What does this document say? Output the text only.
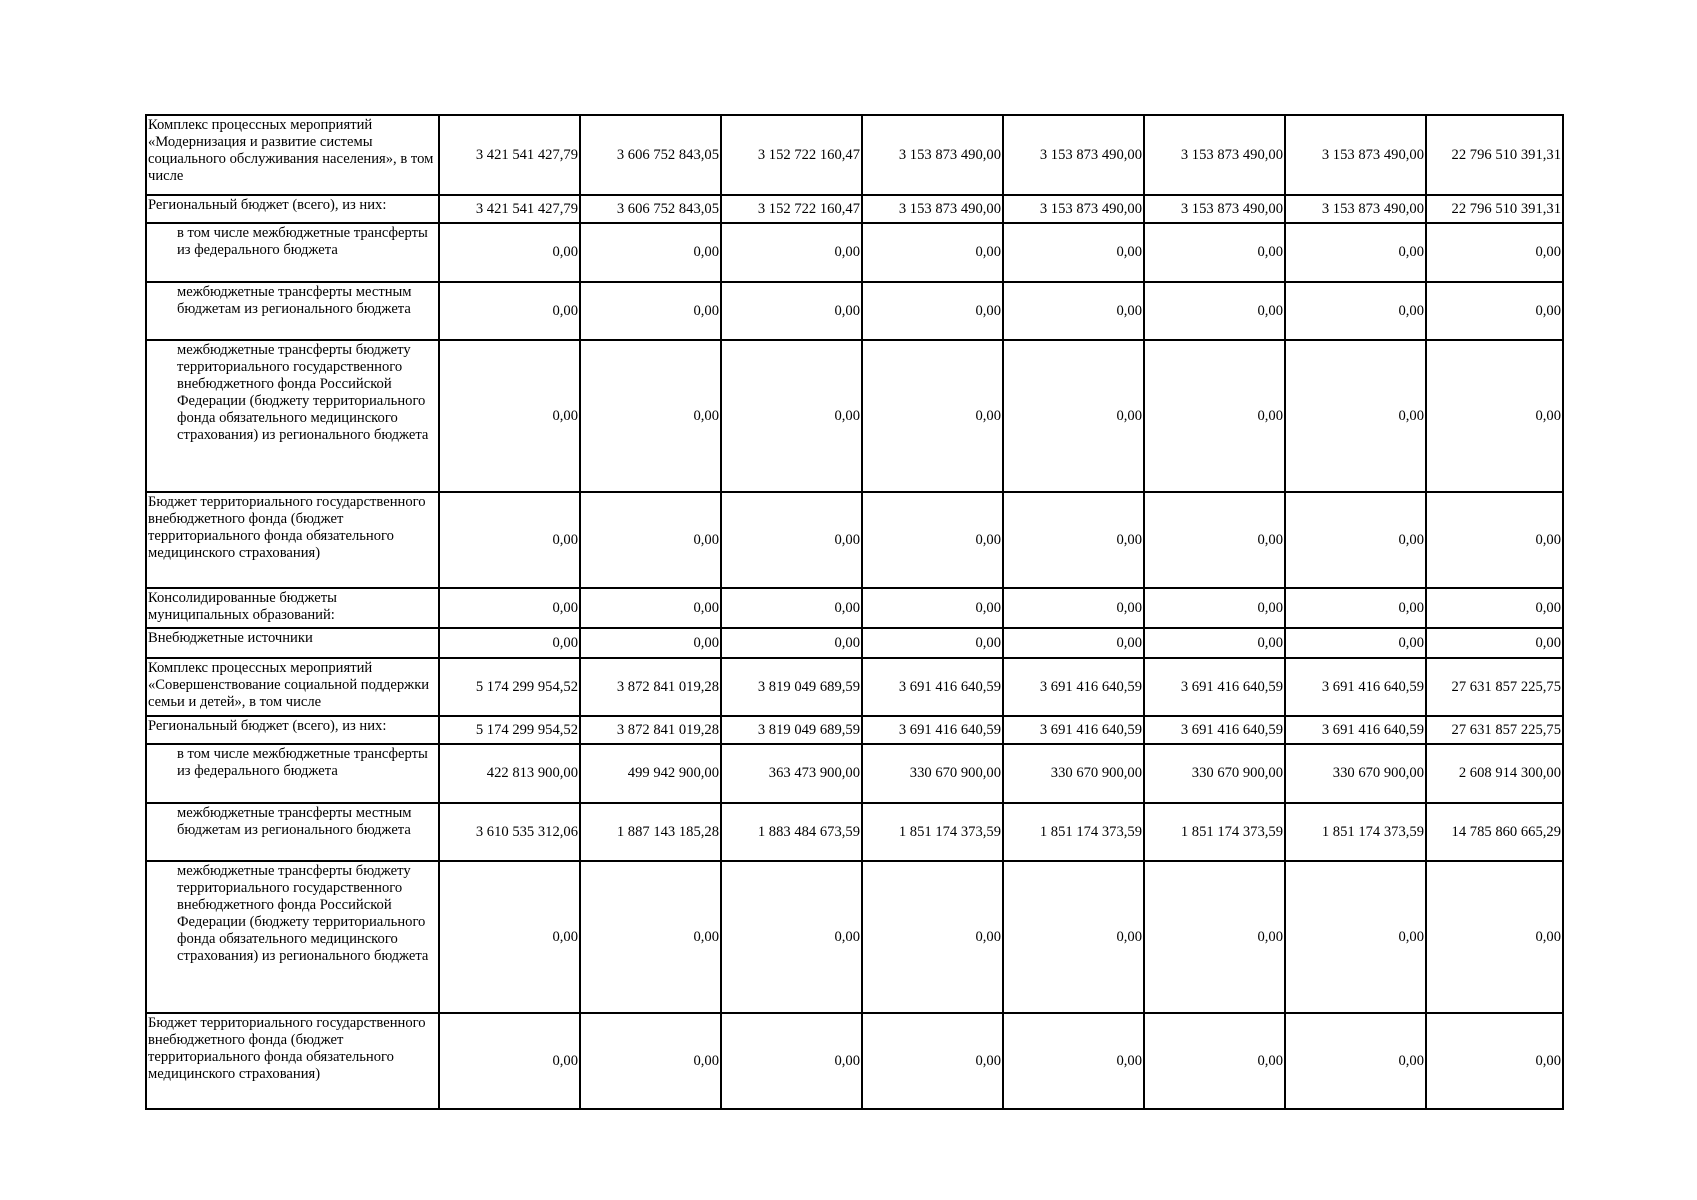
Комплекс процессных мероприятий «Модернизация и развитие системы социального обслуживания населения», в том числе	3 421 541 427,79	3 606 752 843,05	3 152 722 160,47	3 153 873 490,00	3 153 873 490,00	3 153 873 490,00	3 153 873 490,00	22 796 510 391,31
Региональный бюджет (всего), из них:	3 421 541 427,79	3 606 752 843,05	3 152 722 160,47	3 153 873 490,00	3 153 873 490,00	3 153 873 490,00	3 153 873 490,00	22 796 510 391,31
в том числе межбюджетные трансферты из федерального бюджета	0,00	0,00	0,00	0,00	0,00	0,00	0,00	0,00
межбюджетные трансферты местным бюджетам из регионального бюджета	0,00	0,00	0,00	0,00	0,00	0,00	0,00	0,00
межбюджетные трансферты бюджету территориального государственного внебюджетного фонда Российской Федерации (бюджету территориального фонда обязательного медицинского страхования) из регионального бюджета	0,00	0,00	0,00	0,00	0,00	0,00	0,00	0,00
Бюджет территориального государственного внебюджетного фонда (бюджет территориального фонда обязательного медицинского страхования)	0,00	0,00	0,00	0,00	0,00	0,00	0,00	0,00
Консолидированные бюджеты муниципальных образований:	0,00	0,00	0,00	0,00	0,00	0,00	0,00	0,00
Внебюджетные источники	0,00	0,00	0,00	0,00	0,00	0,00	0,00	0,00
Комплекс процессных мероприятий «Совершенствование социальной поддержки семьи и детей», в том числе	5 174 299 954,52	3 872 841 019,28	3 819 049 689,59	3 691 416 640,59	3 691 416 640,59	3 691 416 640,59	3 691 416 640,59	27 631 857 225,75
Региональный бюджет (всего), из них:	5 174 299 954,52	3 872 841 019,28	3 819 049 689,59	3 691 416 640,59	3 691 416 640,59	3 691 416 640,59	3 691 416 640,59	27 631 857 225,75
в том числе межбюджетные трансферты из федерального бюджета	422 813 900,00	499 942 900,00	363 473 900,00	330 670 900,00	330 670 900,00	330 670 900,00	330 670 900,00	2 608 914 300,00
межбюджетные трансферты местным бюджетам из регионального бюджета	3 610 535 312,06	1 887 143 185,28	1 883 484 673,59	1 851 174 373,59	1 851 174 373,59	1 851 174 373,59	1 851 174 373,59	14 785 860 665,29
межбюджетные трансферты бюджету территориального государственного внебюджетного фонда Российской Федерации (бюджету территориального фонда обязательного медицинского страхования) из регионального бюджета	0,00	0,00	0,00	0,00	0,00	0,00	0,00	0,00
Бюджет территориального государственного внебюджетного фонда (бюджет территориального фонда обязательного медицинского страхования)	0,00	0,00	0,00	0,00	0,00	0,00	0,00	0,00
